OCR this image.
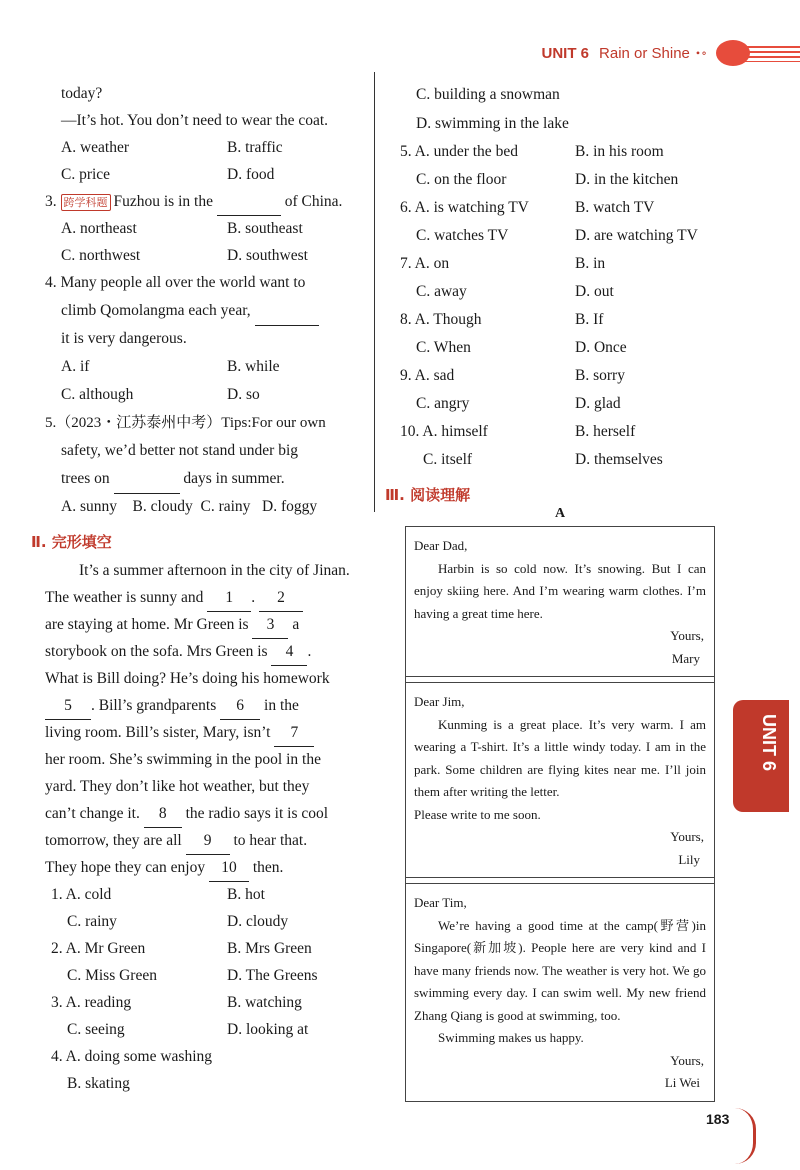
UNIT 6 Rain or Shine •∘
today?
—It’s hot. You don’t need to wear the coat.
A. weather	B. traffic
C. price	D. food
3. 跨学科题 Fuzhou is in the	of China.
A. northeast	B. southeast
C. northwest	D. southwest
4. Many people all over the world want to
climb Qomolangma each year,
it is very dangerous.
A. if	B. while
C. although	D. so
5.（2023・江苏泰州中考）Tips:For our own
safety, we’d better not stand under big
trees on	days in summer.
A. sunny    B. cloudy  C. rainy   D. foggy
Ⅱ. 完形填空
It’s a summer afternoon in the city of Jinan.
The weather is sunny and 1 . 2
are staying at home. Mr Green is 3 a
storybook on the sofa. Mrs Green is 4 .
What is Bill doing? He’s doing his homework
5 . Bill’s grandparents 6 in the
living room. Bill’s sister, Mary, isn’t 7
her room. She’s swimming in the pool in the
yard. They don’t like hot weather, but they
can’t change it. 8 the radio says it is cool
tomorrow, they are all 9 to hear that.
They hope they can enjoy 10 then.
1. A. cold	B. hot
C. rainy	D. cloudy
2. A. Mr Green	B. Mrs Green
C. Miss Green	D. The Greens
3. A. reading	B. watching
C. seeing	D. looking at
4. A. doing some washing
B. skating
C. building a snowman
D. swimming in the lake
5. A. under the bed	B. in his room
C. on the floor	D. in the kitchen
6. A. is watching TV	B. watch TV
C. watches TV	D. are watching TV
7. A. on	B. in
C. away	D. out
8. A. Though	B. If
C. When	D. Once
9. A. sad	B. sorry
C. angry	D. glad
10. A. himself	B. herself
C. itself	D. themselves
Ⅲ. 阅读理解
A

Dear Dad,

Harbin is so cold now. It’s snowing. But I can enjoy skiing here. And I’m wearing warm clothes. I’m having a great time here.

Yours,

Mary

Dear Jim,

Kunming is a great place. It’s very warm. I am wearing a T-shirt. It’s a little windy today. I am in the park. Some children are flying kites near me. I’ll join them after writing the letter.

Please write to me soon.

Yours,

Lily

Dear Tim,

We’re having a good time at the camp(野营)in Singapore(新加坡). People here are very kind and I have many friends now. The weather is very hot. We go swimming every day. I can swim well. My new friend Zhang Qiang is good at swimming, too.

Swimming makes us happy.

Yours,

Li Wei

UNIT 6
183
